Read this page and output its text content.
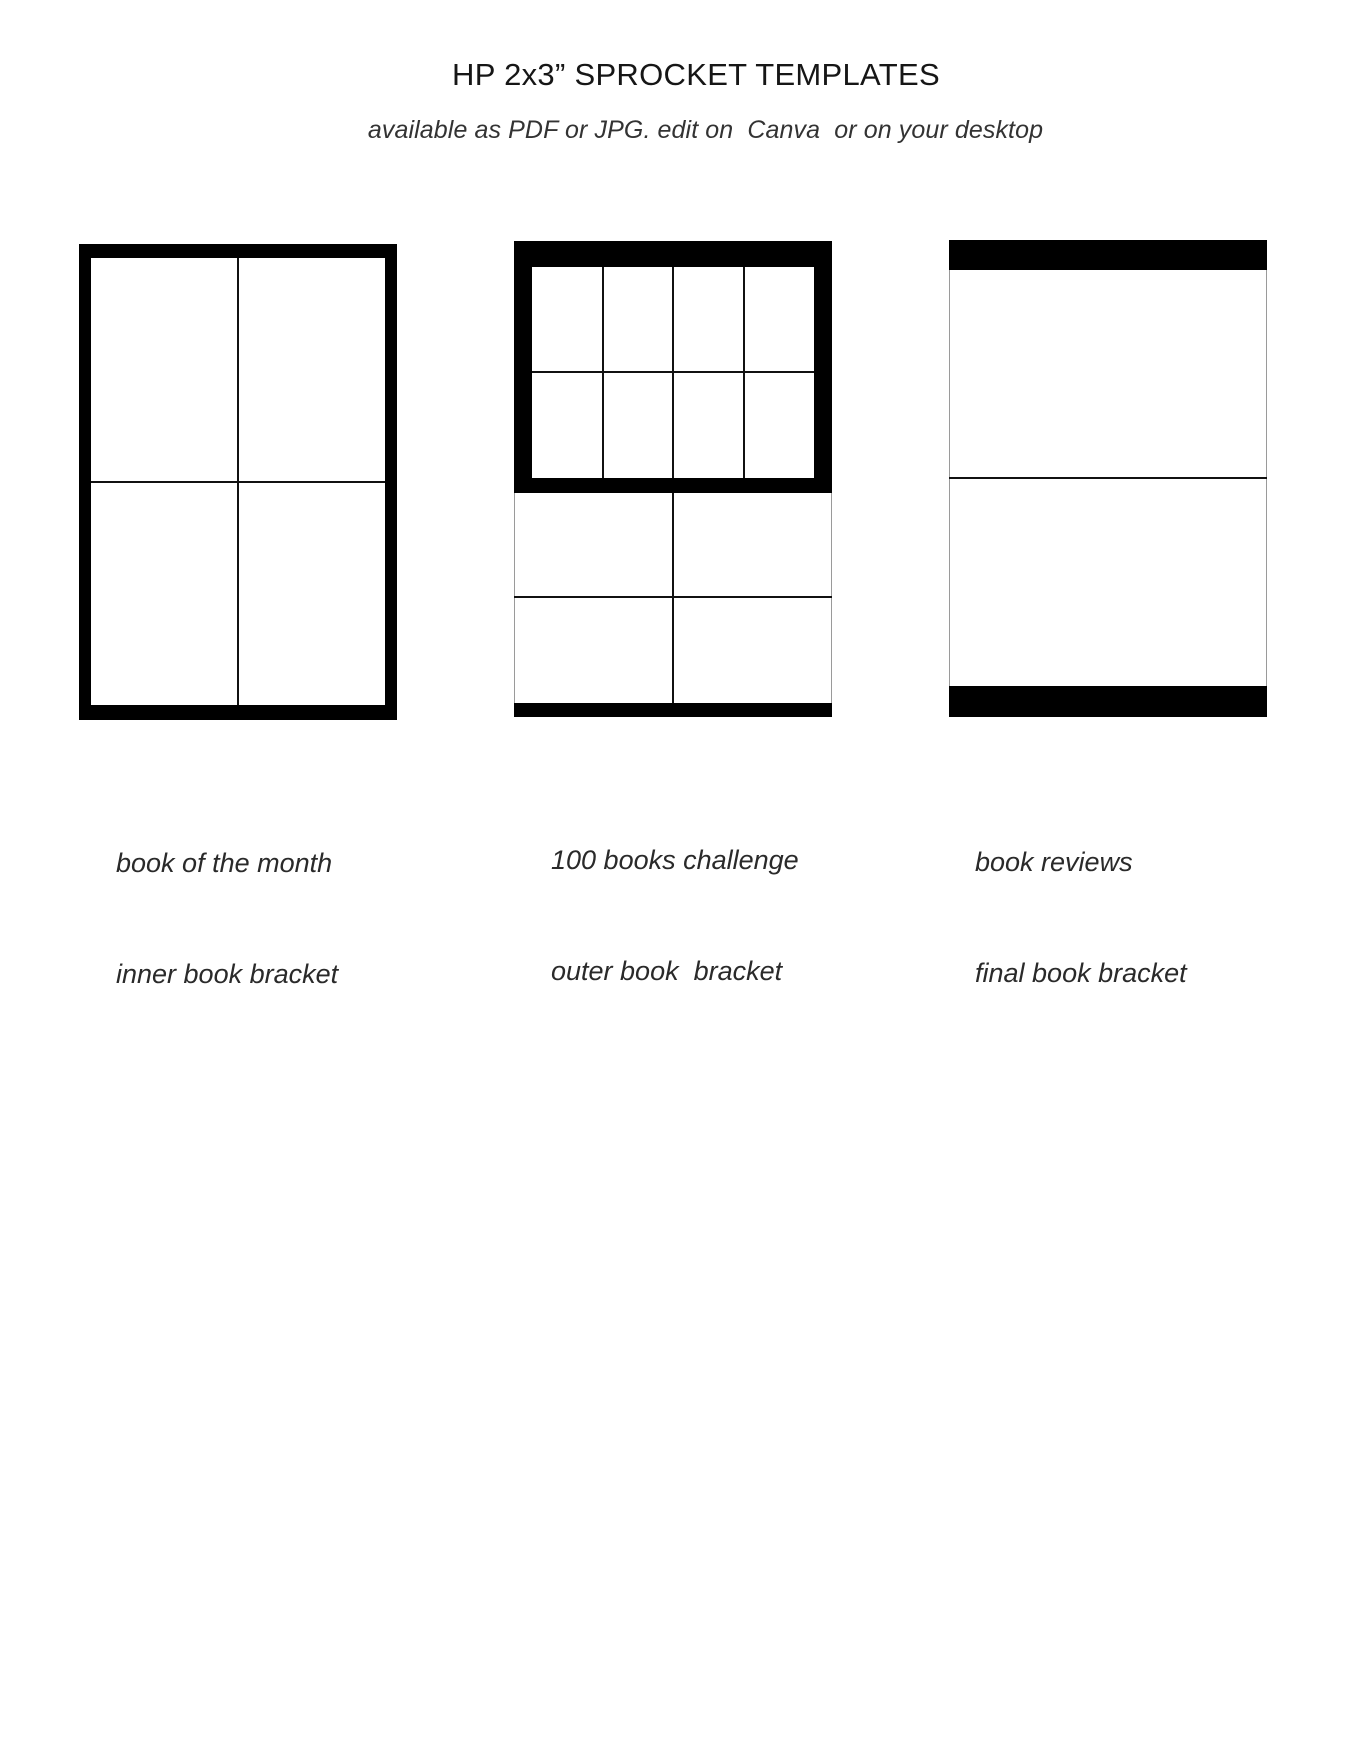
HP 2x3” SPROCKET TEMPLATES
available as PDF or JPG. edit on  Canva  or on your desktop

book of the month

inner book bracket

100 books challenge

outer book  bracket

book reviews

final book bracket
